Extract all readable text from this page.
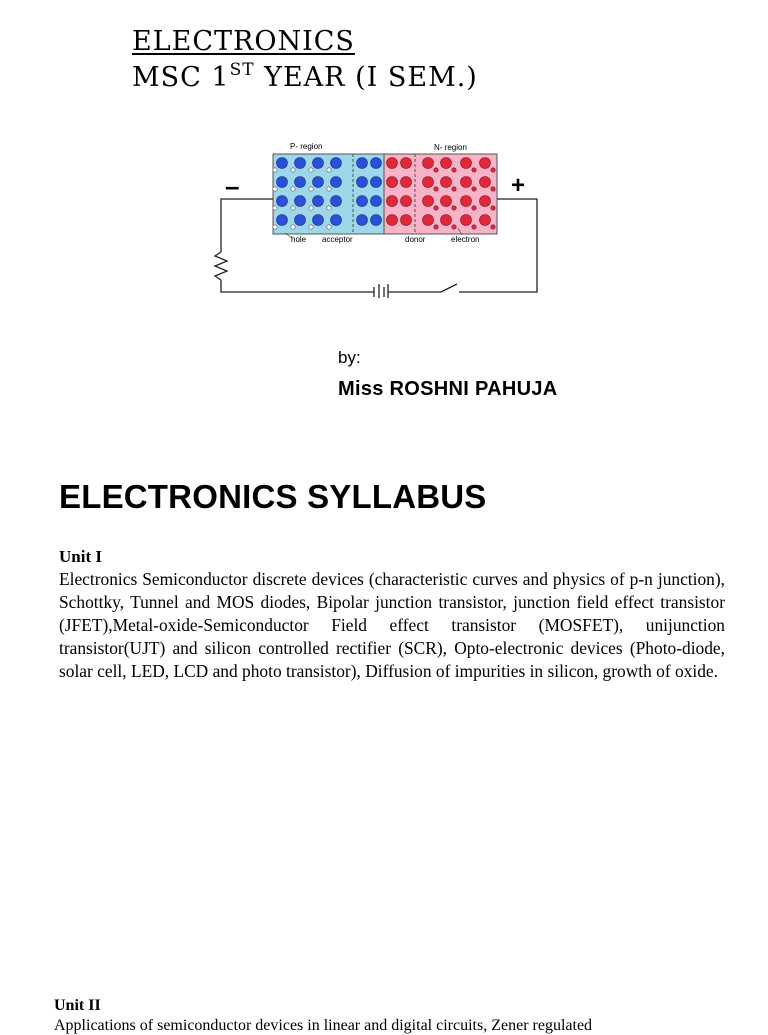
ELECTRONICS
MSC 1ST YEAR (I SEM.)
P- region	N- region
–	+
hole acceptor	donor	electron
by:
Miss ROSHNI PAHUJA
ELECTRONICS SYLLABUS
Unit I
Electronics Semiconductor discrete devices (characteristic curves and physics of p-n junction), Schottky, Tunnel and MOS diodes, Bipolar junction transistor, junction field effect transistor (JFET),Metal-oxide-Semiconductor Field effect transistor (MOSFET), unijunction transistor(UJT) and silicon controlled rectifier (SCR), Opto-electronic devices (Photo-diode, solar cell, LED, LCD and photo transistor), Diffusion of impurities in silicon, growth of oxide.
Unit II
Applications of semiconductor devices in linear and digital circuits, Zener regulated
